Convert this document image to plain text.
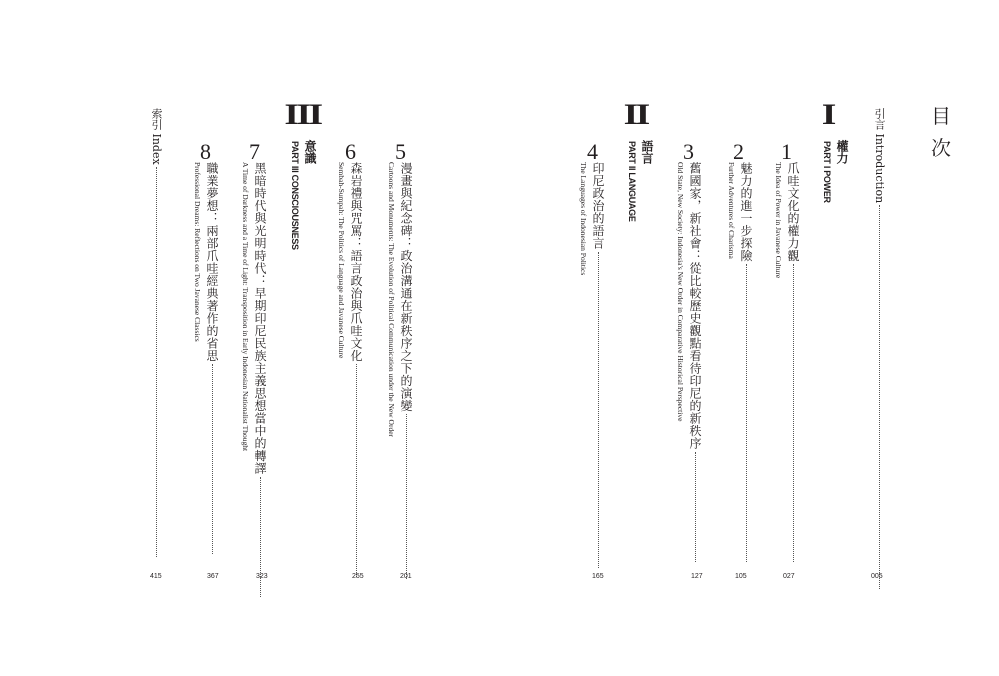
目
次
引言 Introduction
005
I
權力
PART I POWER
1
爪哇文化的權力觀
The Idea of Power in Javanese Culture
027
2
魅力的進一步探險
Further Adventures of Charisma
105
3
舊國家，新社會：從比較歷史觀點看待印尼的新秩序
Old State, New Society: Indonesia's New Order in Comparative Historical Perspective
127
II
語言
PART II LANGUAGE
4
印尼政治的語言
The Languages of Indonesian Politics
165
5
漫畫與紀念碑：政治溝通在新秩序之下的演變
Cartoons and Monuments: The Evolution of Political Communication under the New Order
201
6
森岩禮與咒罵：語言政治與爪哇文化
Sembah-Sumpah: The Politics of Language and Javanese Culture
255
III
意識
PART III CONSCIOUSNESS
7
黑暗時代與光明時代：早期印尼民族主義思想當中的轉譯
A Time of Darkness and a Time of Light: Transposition in Early Indonesian Nationalist Thought
323
8
職業夢想：兩部爪哇經典著作的省思
Professional Dreams: Reflections on Two Javanese Classics
367
索引 Index
415
